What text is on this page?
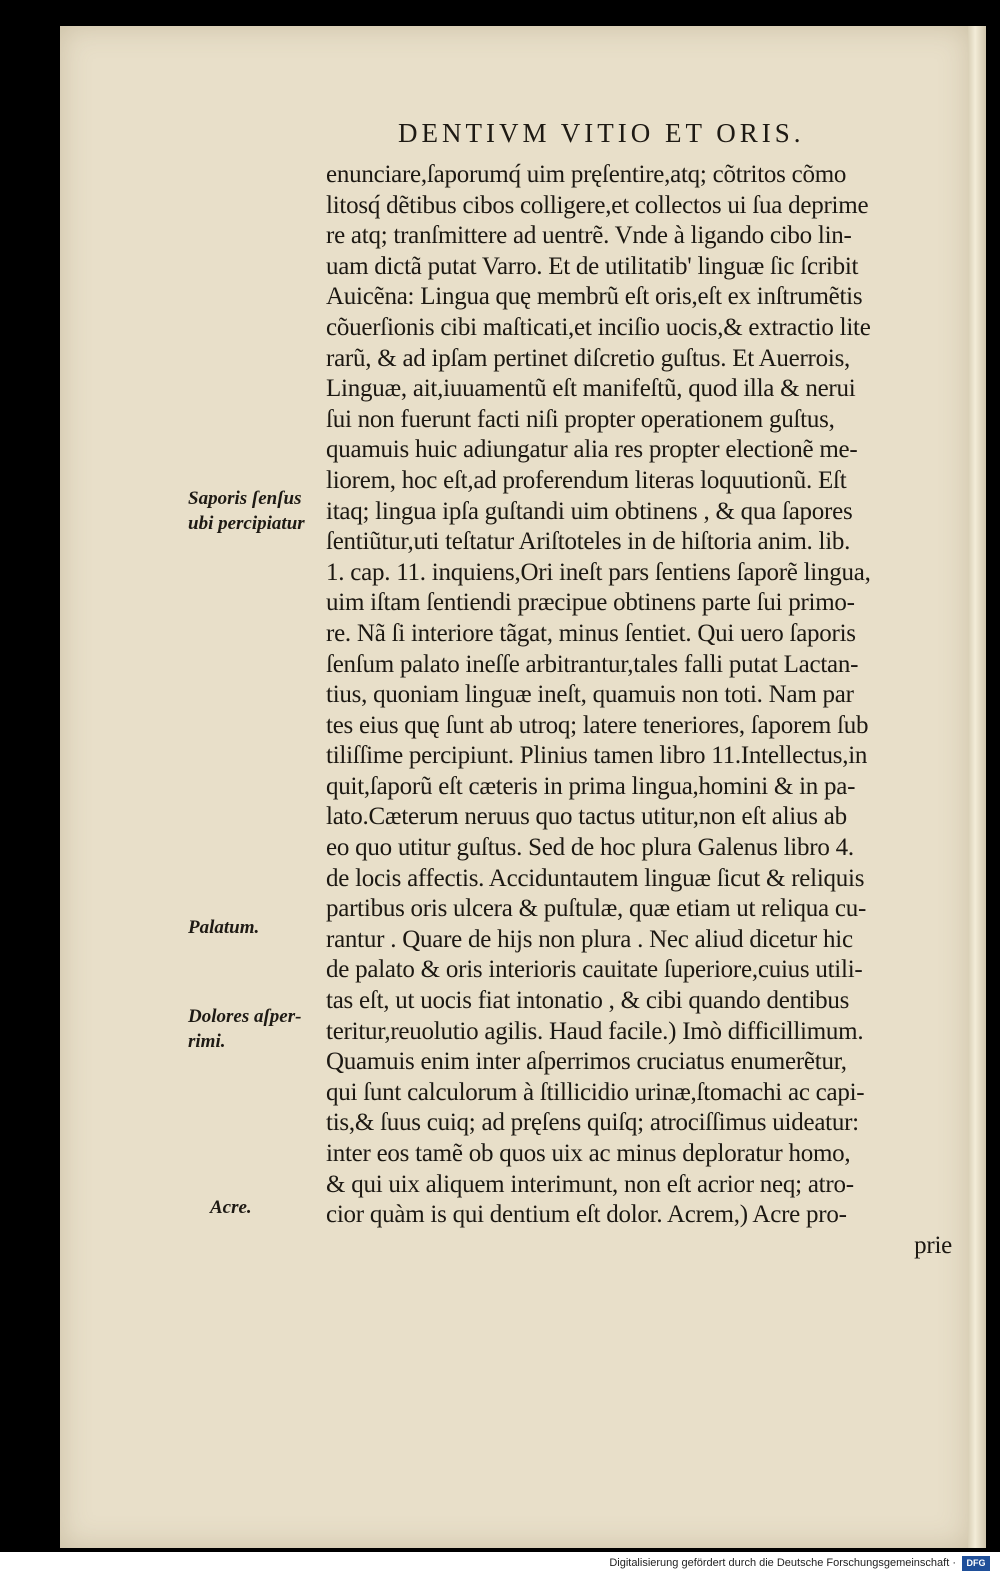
DENTIVM VITIO ET ORIS.
enunciare,ſaporumq́ uim pręſentire,atq; cõtritos cõmo
litosq́ dẽtibus cibos colligere,et collectos ui ſua deprime
re atq; tranſmittere ad uentrẽ. Vnde à ligando cibo lin-
uam dictã putat Varro. Et de utilitatib' linguæ ſic ſcribit
Auicẽna: Lingua quę membrũ eſt oris,eſt ex inſtrumẽtis
cõuerſionis cibi maſticati,et inciſio uocis,& extractio lite
rarũ, & ad ipſam pertinet diſcretio guſtus. Et Auerrois,
Linguæ, ait,iuuamentũ eſt manifeſtũ, quod illa & nerui
ſui non fuerunt facti niſi propter operationem guſtus,
quamuis huic adiungatur alia res propter electionẽ me-
liorem, hoc eſt,ad proferendum literas loquutionũ. Eſt
itaq; lingua ipſa guſtandi uim obtinens , & qua ſapores
ſentiũtur,uti teſtatur Ariſtoteles in de hiſtoria anim. lib.
1. cap. 11. inquiens,Ori ineſt pars ſentiens ſaporẽ lingua,
uim iſtam ſentiendi præcipue obtinens parte ſui primo-
re. Nã ſi interiore tãgat, minus ſentiet. Qui uero ſaporis
ſenſum palato ineſſe arbitrantur,tales falli putat Lactan-
tius, quoniam linguæ ineſt, quamuis non toti. Nam par
tes eius quę ſunt ab utroq; latere teneriores, ſaporem ſub
tiliſſime percipiunt. Plinius tamen libro 11.Intellectus,in
quit,ſaporũ eſt cæteris in prima lingua,homini & in pa-
lato.Cæterum neruus quo tactus utitur,non eſt alius ab
eo quo utitur guſtus. Sed de hoc plura Galenus libro 4.
de locis affectis. Acciduntautem linguæ ſicut & reliquis
partibus oris ulcera & puſtulæ, quæ etiam ut reliqua cu-
rantur . Quare de hijs non plura . Nec aliud dicetur hic
de palato & oris interioris cauitate ſuperiore,cuius utili-
tas eſt, ut uocis fiat intonatio , & cibi quando dentibus
teritur,reuolutio agilis. Haud facile.) Imò difficillimum.
Quamuis enim inter aſperrimos cruciatus enumerẽtur,
qui ſunt calculorum à ſtillicidio urinæ,ſtomachi ac capi-
tis,& ſuus cuiq; ad pręſens quiſq; atrociſſimus uideatur:
inter eos tamẽ ob quos uix ac minus deploratur homo,
& qui uix aliquem interimunt, non eſt acrior neq; atro-
cior quàm is qui dentium eſt dolor. Acrem,) Acre pro-
prie
Saporis ſenſus
ubi percipiatur
Palatum.
Dolores aſper-
rimi.
Acre.
Digitalisierung gefördert durch die Deutsche Forschungsgemeinschaft ·	DFG
